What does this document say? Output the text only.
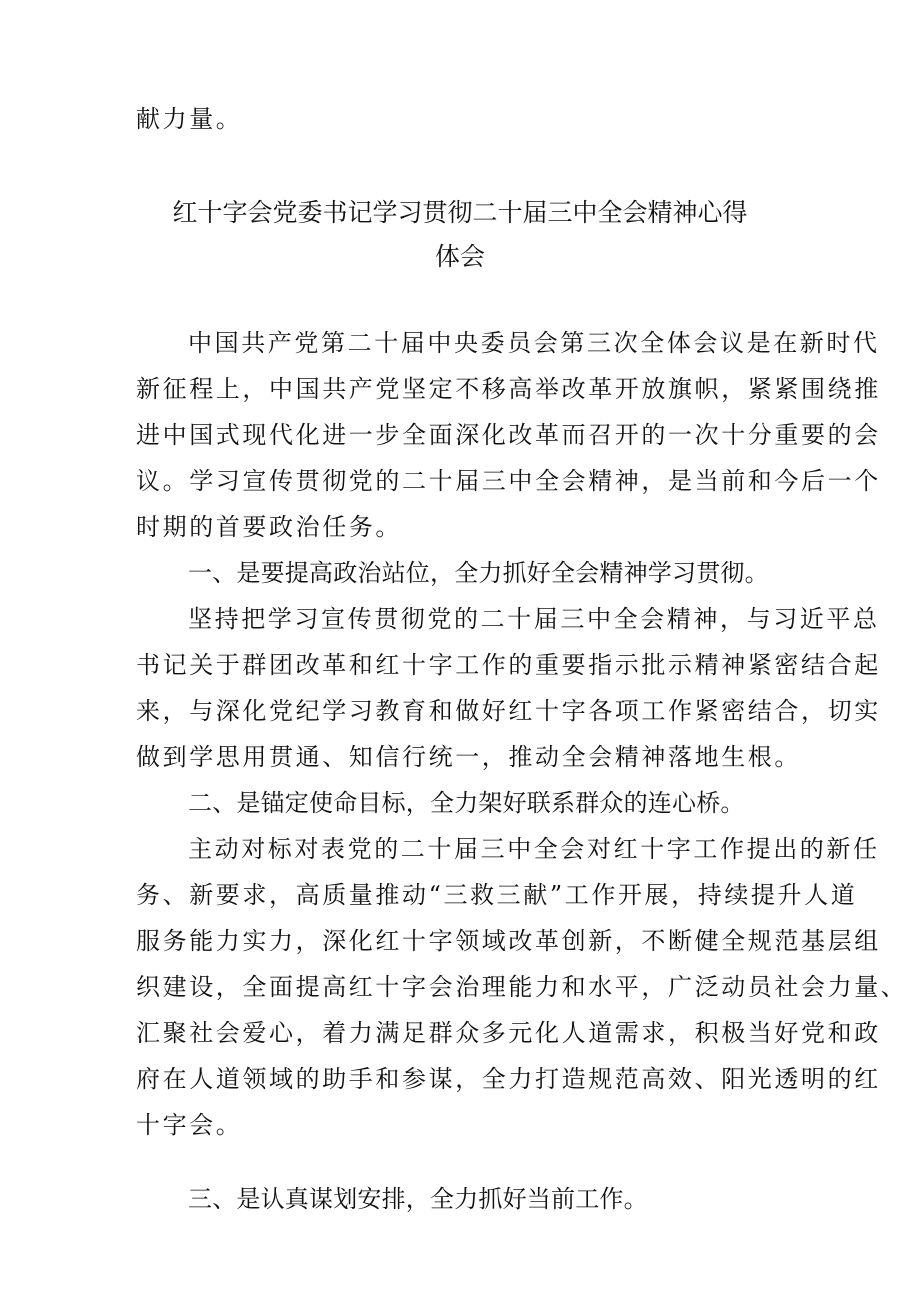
献力量。
红十字会党委书记学习贯彻二十届三中全会精神心得
体会
中国共产党第二十届中央委员会第三次全体会议是在新时代
新征程上，中国共产党坚定不移高举改革开放旗帜，紧紧围绕推
进中国式现代化进一步全面深化改革而召开的一次十分重要的会
议。学习宣传贯彻党的二十届三中全会精神，是当前和今后一个
时期的首要政治任务。
一、是要提高政治站位，全力抓好全会精神学习贯彻。
坚持把学习宣传贯彻党的二十届三中全会精神，与习近平总
书记关于群团改革和红十字工作的重要指示批示精神紧密结合起
来，与深化党纪学习教育和做好红十字各项工作紧密结合，切实
做到学思用贯通、知信行统一，推动全会精神落地生根。
二、是锚定使命目标，全力架好联系群众的连心桥。
主动对标对表党的二十届三中全会对红十字工作提出的新任
务、新要求，高质量推动“三救三献”工作开展，持续提升人道
服务能力实力，深化红十字领域改革创新，不断健全规范基层组
织建设，全面提高红十字会治理能力和水平，广泛动员社会力量、
汇聚社会爱心，着力满足群众多元化人道需求，积极当好党和政
府在人道领域的助手和参谋，全力打造规范高效、阳光透明的红
十字会。
三、是认真谋划安排，全力抓好当前工作。
